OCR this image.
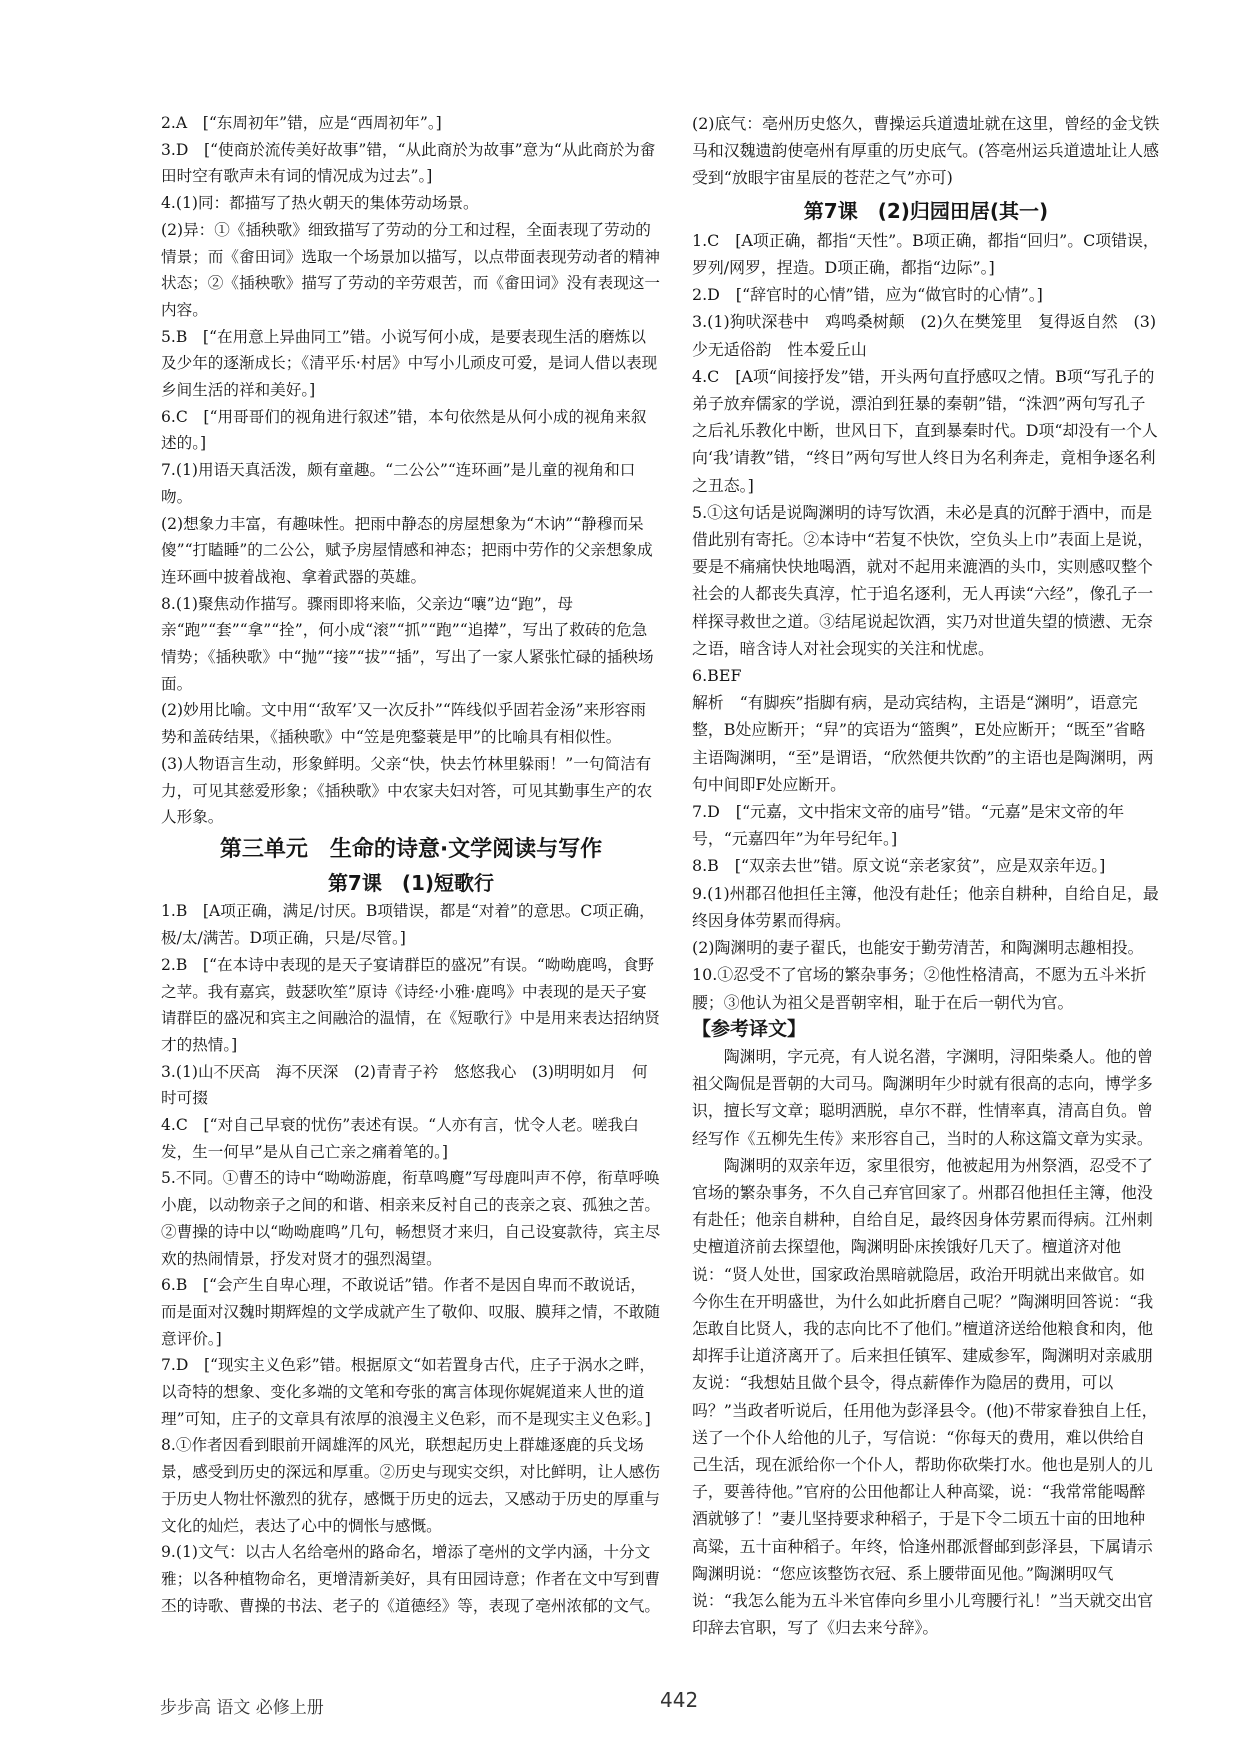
2.A　[“东周初年”错，应是“西周初年”。]
3.D　[“使商於流传美好故事”错，“从此商於为故事”意为“从此商於为畲田时空有歌声未有词的情况成为过去”。]
4.(1)同：都描写了热火朝天的集体劳动场景。
(2)异：①《插秧歌》细致描写了劳动的分工和过程，全面表现了劳动的情景；而《畲田词》选取一个场景加以描写，以点带面表现劳动者的精神状态；②《插秧歌》描写了劳动的辛劳艰苦，而《畲田词》没有表现这一内容。
5.B　[“在用意上异曲同工”错。小说写何小成，是要表现生活的磨炼以及少年的逐渐成长；《清平乐·村居》中写小儿顽皮可爱，是词人借以表现乡间生活的祥和美好。]
6.C　[“用哥哥们的视角进行叙述”错，本句依然是从何小成的视角来叙述的。]
7.(1)用语天真活泼，颇有童趣。“二公公”“连环画”是儿童的视角和口吻。
(2)想象力丰富，有趣味性。把雨中静态的房屋想象为“木讷”“静穆而呆傻”“打瞌睡”的二公公，赋予房屋情感和神态；把雨中劳作的父亲想象成连环画中披着战袍、拿着武器的英雄。
8.(1)聚焦动作描写。骤雨即将来临，父亲边“嚷”边“跑”，母亲“跑”“套”“拿”“拴”，何小成“滚”“抓”“跑”“追撵”，写出了救砖的危急情势；《插秧歌》中“抛”“接”“拔”“插”，写出了一家人紧张忙碌的插秧场面。
(2)妙用比喻。文中用“‘敌军’又一次反扑”“阵线似乎固若金汤”来形容雨势和盖砖结果，《插秧歌》中“笠是兜鍪蓑是甲”的比喻具有相似性。
(3)人物语言生动，形象鲜明。父亲“快，快去竹林里躲雨！”一句简洁有力，可见其慈爱形象；《插秧歌》中农家夫妇对答，可见其勤事生产的农人形象。
第三单元　生命的诗意·文学阅读与写作
第7课　(1)短歌行
1.B　[A项正确，满足/讨厌。B项错误，都是“对着”的意思。C项正确，极/太/满苦。D项正确，只是/尽管。]
2.B　[“在本诗中表现的是天子宴请群臣的盛况”有误。“呦呦鹿鸣，食野之苹。我有嘉宾，鼓瑟吹笙”原诗《诗经·小雅·鹿鸣》中表现的是天子宴请群臣的盛况和宾主之间融洽的温情，在《短歌行》中是用来表达招纳贤才的热情。]
3.(1)山不厌高　海不厌深　(2)青青子衿　悠悠我心　(3)明明如月　何时可掇
4.C　[“对自己早衰的忧伤”表述有误。“人亦有言，忧令人老。嗟我白发，生一何早”是从自己亡亲之痛着笔的。]
5.不同。①曹丕的诗中“呦呦游鹿，衔草鸣麑”写母鹿叫声不停，衔草呼唤小鹿，以动物亲子之间的和谐、相亲来反衬自己的丧亲之哀、孤独之苦。②曹操的诗中以“呦呦鹿鸣”几句，畅想贤才来归，自己设宴款待，宾主尽欢的热闹情景，抒发对贤才的强烈渴望。
6.B　[“会产生自卑心理，不敢说话”错。作者不是因自卑而不敢说话，而是面对汉魏时期辉煌的文学成就产生了敬仰、叹服、膜拜之情，不敢随意评价。]
7.D　[“现实主义色彩”错。根据原文“如若置身古代，庄子于涡水之畔，以奇特的想象、变化多端的文笔和夸张的寓言体现你娓娓道来人世的道理”可知，庄子的文章具有浓厚的浪漫主义色彩，而不是现实主义色彩。]
8.①作者因看到眼前开阔雄浑的风光，联想起历史上群雄逐鹿的兵戈场景，感受到历史的深远和厚重。②历史与现实交织，对比鲜明，让人感伤于历史人物壮怀激烈的犹存，感慨于历史的远去，又感动于历史的厚重与文化的灿烂，表达了心中的惆怅与感慨。
9.(1)文气：以古人名给亳州的路命名，增添了亳州的文学内涵，十分文雅；以各种植物命名，更增清新美好，具有田园诗意；作者在文中写到曹丕的诗歌、曹操的书法、老子的《道德经》等，表现了亳州浓郁的文气。
(2)底气：亳州历史悠久，曹操运兵道遗址就在这里，曾经的金戈铁马和汉魏遗韵使亳州有厚重的历史底气。(答亳州运兵道遗址让人感受到“放眼宇宙星辰的苍茫之气”亦可)
第7课　(2)归园田居(其一)
1.C　[A项正确，都指“天性”。B项正确，都指“回归”。C项错误，罗列/网罗，捏造。D项正确，都指“边际”。]
2.D　[“辞官时的心情”错，应为“做官时的心情”。]
3.(1)狗吠深巷中　鸡鸣桑树颠　(2)久在樊笼里　复得返自然　(3)少无适俗韵　性本爱丘山
4.C　[A项“间接抒发”错，开头两句直抒感叹之情。B项“写孔子的弟子放弃儒家的学说，漂泊到狂暴的秦朝”错，“洙泗”两句写孔子之后礼乐教化中断，世风日下，直到暴秦时代。D项“却没有一个人向‘我’请教”错，“终日”两句写世人终日为名利奔走，竟相争逐名利之丑态。]
5.①这句话是说陶渊明的诗写饮酒，未必是真的沉醉于酒中，而是借此别有寄托。②本诗中“若复不快饮，空负头上巾”表面上是说，要是不痛痛快快地喝酒，就对不起用来漉酒的头巾，实则感叹整个社会的人都丧失真淳，忙于追名逐利，无人再读“六经”，像孔子一样探寻救世之道。③结尾说起饮酒，实乃对世道失望的愤懑、无奈之语，暗含诗人对社会现实的关注和忧虑。
6.BEF
解析　“有脚疾”指脚有病，是动宾结构，主语是“渊明”，语意完整，B处应断开；“舁”的宾语为“篮舆”，E处应断开；“既至”省略主语陶渊明，“至”是谓语，“欣然便共饮酌”的主语也是陶渊明，两句中间即F处应断开。
7.D　[“元嘉，文中指宋文帝的庙号”错。“元嘉”是宋文帝的年号，“元嘉四年”为年号纪年。]
8.B　[“双亲去世”错。原文说“亲老家贫”，应是双亲年迈。]
9.(1)州郡召他担任主簿，他没有赴任；他亲自耕种，自给自足，最终因身体劳累而得病。
(2)陶渊明的妻子翟氏，也能安于勤劳清苦，和陶渊明志趣相投。
10.①忍受不了官场的繁杂事务；②他性格清高，不愿为五斗米折腰；③他认为祖父是晋朝宰相，耻于在后一朝代为官。
【参考译文】
陶渊明，字元亮，有人说名潜，字渊明，浔阳柴桑人。他的曾祖父陶侃是晋朝的大司马。陶渊明年少时就有很高的志向，博学多识，擅长写文章；聪明洒脱，卓尔不群，性情率真，清高自负。曾经写作《五柳先生传》来形容自己，当时的人称这篇文章为实录。
陶渊明的双亲年迈，家里很穷，他被起用为州祭酒，忍受不了官场的繁杂事务，不久自己弃官回家了。州郡召他担任主簿，他没有赴任；他亲自耕种，自给自足，最终因身体劳累而得病。江州刺史檀道济前去探望他，陶渊明卧床挨饿好几天了。檀道济对他说：“贤人处世，国家政治黑暗就隐居，政治开明就出来做官。如今你生在开明盛世，为什么如此折磨自己呢？”陶渊明回答说：“我怎敢自比贤人，我的志向比不了他们。”檀道济送给他粮食和肉，他却挥手让道济离开了。后来担任镇军、建威参军，陶渊明对亲戚朋友说：“我想姑且做个县令，得点薪俸作为隐居的费用，可以吗？”当政者听说后，任用他为彭泽县令。(他)不带家眷独自上任，送了一个仆人给他的儿子，写信说：“你每天的费用，难以供给自己生活，现在派给你一个仆人，帮助你砍柴打水。他也是别人的儿子，要善待他。”官府的公田他都让人种高粱，说：“我常常能喝醉酒就够了！”妻儿坚持要求种稻子，于是下令二顷五十亩的田地种高粱，五十亩种稻子。年终，恰逢州郡派督邮到彭泽县，下属请示陶渊明说：“您应该整饬衣冠、系上腰带面见他。”陶渊明叹气说：“我怎么能为五斗米官俸向乡里小儿弯腰行礼！”当天就交出官印辞去官职，写了《归去来兮辞》。
步步高 语文 必修上册	442
